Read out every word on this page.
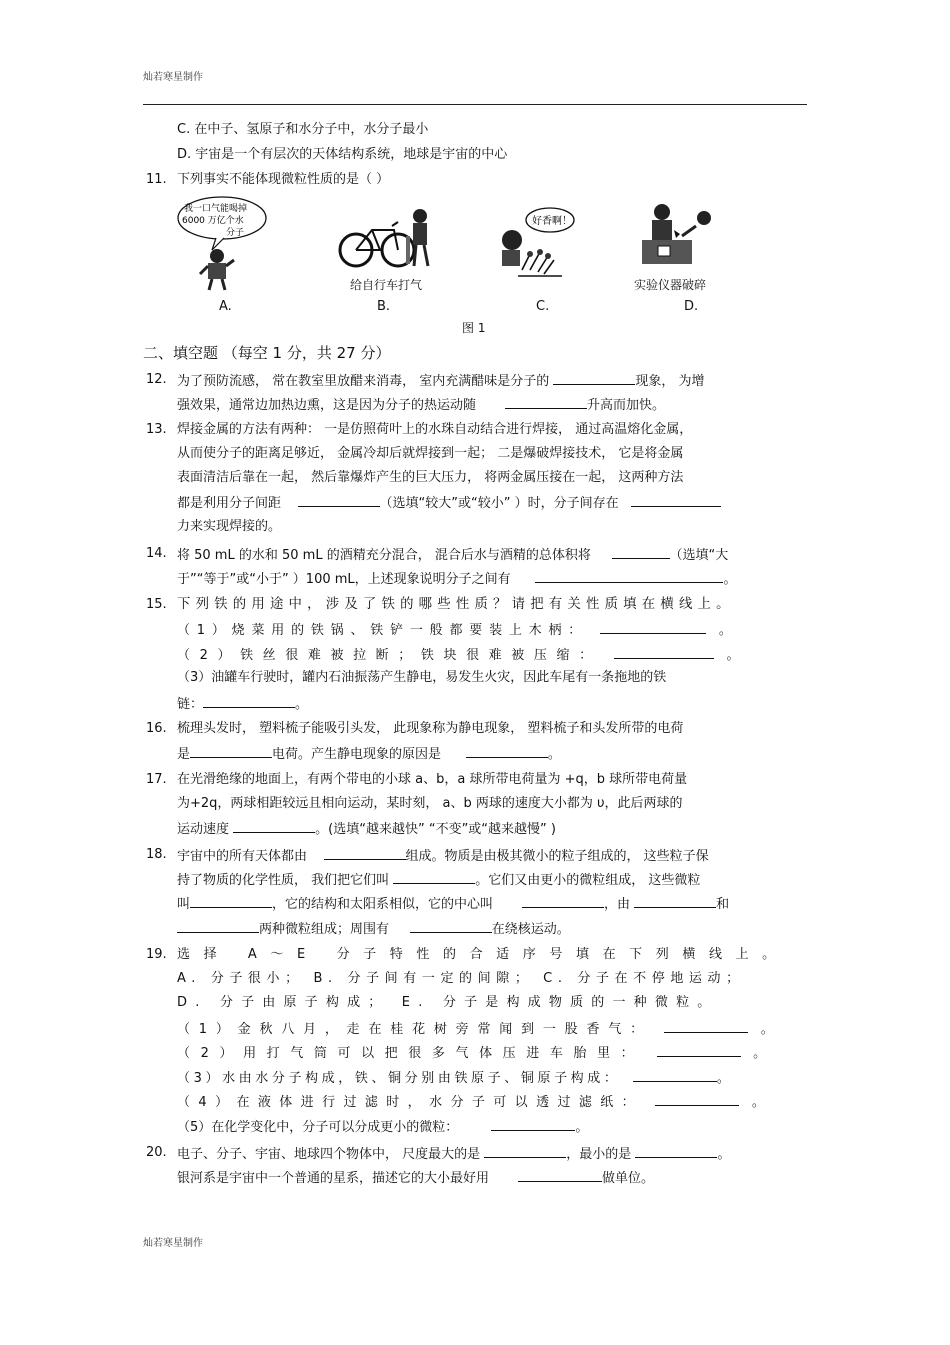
灿若寒星制作
C. 在中子、氢原子和水分子中，水分子最小
D. 宇宙是一个有层次的天体结构系统，地球是宇宙的中心
11. 下列事实不能体现微粒性质的是（ ）
我一口气能喝掉
6000 万亿个水
分子
给自行车打气
好香啊！
实验仪器破碎
A.	B.	C.	D.
图 1
二、填空题 （每空 1 分，共 27 分）
12. 为了预防流感， 常在教室里放醋来消毒， 室内充满醋味是分子的	现象， 为增
强效果，通常边加热边熏，这是因为分子的热运动随	升高而加快。
13. 焊接金属的方法有两种： 一是仿照荷叶上的水珠自动结合进行焊接， 通过高温熔化金属，
从而使分子的距离足够近， 金属冷却后就焊接到一起； 二是爆破焊接技术， 它是将金属
表面清洁后靠在一起， 然后靠爆炸产生的巨大压力， 将两金属压接在一起， 这两种方法
都是利用分子间距	（选填“较大”或“较小” ）时，分子间存在
力来实现焊接的。
14. 将 50 mL 的水和 50 mL 的酒精充分混合， 混合后水与酒精的总体积将	（选填“大
于”“等于”或“小于” ）100 mL，上述现象说明分子之间有	。
15. 下列铁的用途中，涉及了铁的哪些性质？请把有关性质填在横线上。
（1）烧菜用的铁锅、铁铲一般都要装上木柄：	。
（2）铁丝很难被拉断；铁块很难被压缩：	。
（3）油罐车行驶时，罐内石油振荡产生静电，易发生火灾，因此车尾有一条拖地的铁
链：	。
16. 梳理头发时， 塑料梳子能吸引头发， 此现象称为静电现象， 塑料梳子和头发所带的电荷
是	电荷。产生静电现象的原因是	。
17. 在光滑绝缘的地面上，有两个带电的小球 a、b，a 球所带电荷量为 +q，b 球所带电荷量
为+2q，两球相距较远且相向运动，某时刻， a、b 两球的速度大小都为 υ，此后两球的
运动速度	。(选填“越来越快” “不变”或“越来越慢” )
18. 宇宙中的所有天体都由	组成。物质是由极其微小的粒子组成的， 这些粒子保
持了物质的化学性质， 我们把它们叫	。它们又由更小的微粒组成， 这些微粒
叫	，它的结构和太阳系相似，它的中心叫	，由	和
两种微粒组成；周围有	在绕核运动。
19. 选择 A～E 分子特性的合适序号填在下列横线上。
A. 分子很小； B. 分子间有一定的间隙； C. 分子在不停地运动；
D. 分子由原子构成； E. 分子是构成物质的一种微粒。
（1）金秋八月，走在桂花树旁常闻到一股香气：	。
（2）用打气筒可以把很多气体压进车胎里：	。
（3）水由水分子构成，铁、铜分别由铁原子、铜原子构成：	。
（4）在液体进行过滤时，水分子可以透过滤纸：	。
（5）在化学变化中，分子可以分成更小的微粒：	。
20. 电子、分子、宇宙、地球四个物体中， 尺度最大的是	，最小的是	。
银河系是宇宙中一个普通的星系，描述它的大小最好用	做单位。
灿若寒星制作
